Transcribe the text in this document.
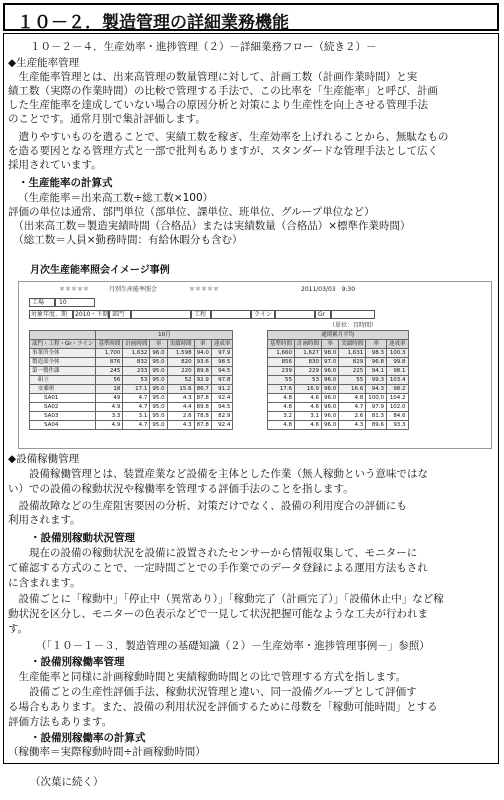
１０－２．製造管理の詳細業務機能
１０－２－４．生産効率・進捗管理（２）－詳細業務フロー（続き２）－
◆生産能率管理
　生産能率管理とは、出来高管理の数量管理に対して、計画工数（計画作業時間）と実
績工数（実際の作業時間）の比較で管理する手法で、この比率を「生産能率」と呼び、計画
した生産能率を達成していない場合の原因分析と対策により生産性を向上させる管理手法
のことです。通常月別で集計評価します。
　遣りやすいものを遣ることで、実績工数を稼ぎ、生産効率を上げれることから、無駄なもの
を造る要因となる管理方式と一部で批判もありますが、スタンダードな管理手法として広く
採用されています。
・生産能率の計算式
（生産能率＝出来高工数÷総工数×100）
評価の単位は通常、部門単位（部単位、課単位、班単位、グループ単位など）
　（出来高工数＝製造実績時間（合格品）または実績数量（合格品）×標準作業時間）
　（総工数＝人員×勤務時間：有給休暇分も含む）
月次生産能率照会イメージ事例
＊＊＊＊＊	月別生産能率照会	＊＊＊＊＊	2011/03/03　9:30
工場 10
対象年度、期 2010・下期 部門	工程	ライン	Gr
（単位：百時間）
	10月					
部門・工程・Gr・ライン	基準時間	計画時間	率	実績時間	率	達成率
事業所全体	1,700	1,632	96.0	1,598	94.0	97.9
製造部全体	876	832	95.0	820	93.6	98.5
第一製作課	245	233	95.0	220	89.8	94.5
組立	56	53	95.0	52	92.9	97.8
安藤班	18	17.1	95.0	15.6	86.7	91.2
SA01	49	4.7	95.0	4.3	87.8	92.4
SA02	4.9	4.7	95.0	4.4	89.8	94.5
SA03	3.3	3.1	95.0	2.6	78.8	82.9
SA04	4.9	4.7	95.0	4.3	87.8	92.4
通期累月平均					
基準時間	計画時間	率	実績時間	率	達成率
1,660	1,627	98.0	1,631	98.3	100.3
856	830	97.0	829	96.8	99.8
239	229	96.0	225	94.1	98.1
55	53	96.0	55	99.3	103.4
17.6	16.9	96.0	16.6	94.3	98.2
4.8	4.6	96.0	4.8	100.0	104.2
4.8	4.6	96.0	4.7	97.9	102.0
3.2	3.1	96.0	2.6	81.3	84.6
4.8	4.6	96.0	4.3	89.6	93.3
◆設備稼働管理
　　設備稼働管理とは、装置産業など設備を主体とした作業（無人稼動という意味ではな
い）での設備の稼動状況や稼働率を管理する評価手法のことを指します。
　設備故障などの生産阻害要因の分析、対策だけでなく、設備の利用度合の評価にも
利用されます。
・設備別稼動状況管理
　　現在の設備の稼動状況を設備に設置されたセンサーから情報収集して、モニターに
て確認する方式のことで、一定時間ごとでの手作業でのデータ登録による運用方法もされ
に含まれます。
　設備ごとに「稼動中」「停止中（異常あり）」「稼動完了（計画完了）」「設備休止中」など稼
動状況を区分し、モニターの色表示などで一見して状況把握可能なような工夫が行われま
す。
（「１０－１－３．製造管理の基礎知識（２）－生産効率・進捗管理事例－」参照）
・設備別稼働率管理
　生産能率と同様に計画稼動時間と実績稼動時間との比で管理する方式を指します。
　　設備ごとの生産性評価手法、稼動状況管理と違い、同一設備グループとして評価す
る場合もあります。また、設備の利用状況を評価するために母数を「稼動可能時間」とする
評価方法もあります。
・設備別稼働率の計算式
（稼働率＝実際稼動時間÷計画稼動時間）
（次葉に続く）
